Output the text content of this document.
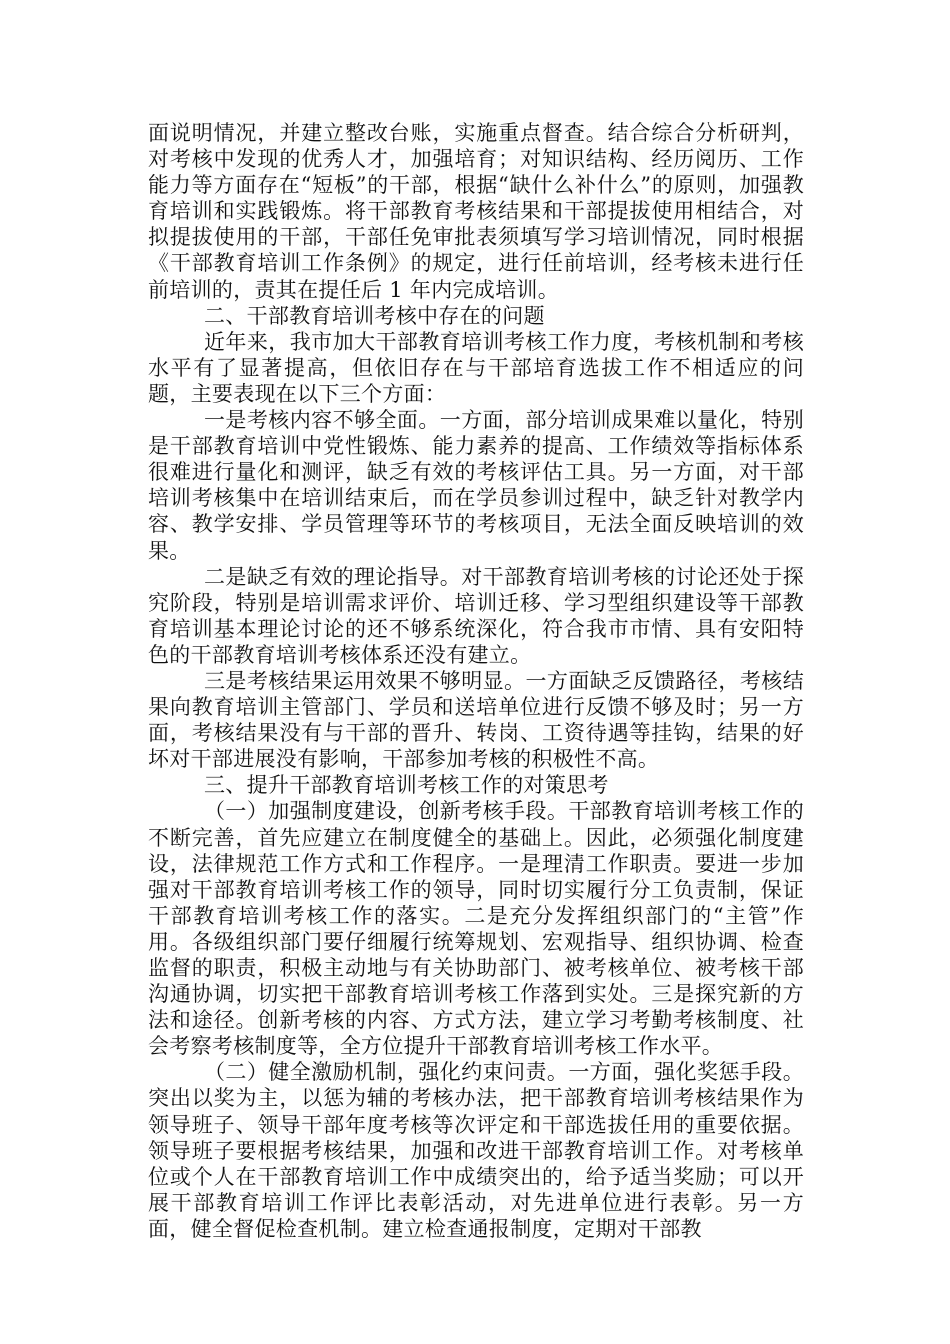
面说明情况，并建立整改台账，实施重点督查。结合综合分析研判，对考核中发现的优秀人才，加强培育；对知识结构、经历阅历、工作能力等方面存在“短板”的干部，根据“缺什么补什么”的原则，加强教育培训和实践锻炼。将干部教育考核结果和干部提拔使用相结合，对拟提拔使用的干部，干部任免审批表须填写学习培训情况，同时根据《干部教育培训工作条例》的规定，进行任前培训，经考核未进行任前培训的，责其在提任后 1 年内完成培训。

二、干部教育培训考核中存在的问题

近年来，我市加大干部教育培训考核工作力度，考核机制和考核水平有了显著提高，但依旧存在与干部培育选拔工作不相适应的问题，主要表现在以下三个方面：

一是考核内容不够全面。一方面，部分培训成果难以量化，特别是干部教育培训中党性锻炼、能力素养的提高、工作绩效等指标体系很难进行量化和测评，缺乏有效的考核评估工具。另一方面，对干部培训考核集中在培训结束后，而在学员参训过程中，缺乏针对教学内容、教学安排、学员管理等环节的考核项目，无法全面反映培训的效果。

二是缺乏有效的理论指导。对干部教育培训考核的讨论还处于探究阶段，特别是培训需求评价、培训迁移、学习型组织建设等干部教育培训基本理论讨论的还不够系统深化，符合我市市情、具有安阳特色的干部教育培训考核体系还没有建立。

三是考核结果运用效果不够明显。一方面缺乏反馈路径，考核结果向教育培训主管部门、学员和送培单位进行反馈不够及时；另一方面，考核结果没有与干部的晋升、转岗、工资待遇等挂钩，结果的好坏对干部进展没有影响，干部参加考核的积极性不高。

三、提升干部教育培训考核工作的对策思考

（一）加强制度建设，创新考核手段。干部教育培训考核工作的不断完善，首先应建立在制度健全的基础上。因此，必须强化制度建设，法律规范工作方式和工作程序。一是理清工作职责。要进一步加强对干部教育培训考核工作的领导，同时切实履行分工负责制，保证干部教育培训考核工作的落实。二是充分发挥组织部门的“主管”作用。各级组织部门要仔细履行统筹规划、宏观指导、组织协调、检查监督的职责，积极主动地与有关协助部门、被考核单位、被考核干部沟通协调，切实把干部教育培训考核工作落到实处。三是探究新的方法和途径。创新考核的内容、方式方法，建立学习考勤考核制度、社会考察考核制度等，全方位提升干部教育培训考核工作水平。

（二）健全激励机制，强化约束问责。一方面，强化奖惩手段。突出以奖为主，以惩为辅的考核办法，把干部教育培训考核结果作为领导班子、领导干部年度考核等次评定和干部选拔任用的重要依据。领导班子要根据考核结果，加强和改进干部教育培训工作。对考核单位或个人在干部教育培训工作中成绩突出的，给予适当奖励；可以开展干部教育培训工作评比表彰活动，对先进单位进行表彰。另一方面，健全督促检查机制。建立检查通报制度，定期对干部教
